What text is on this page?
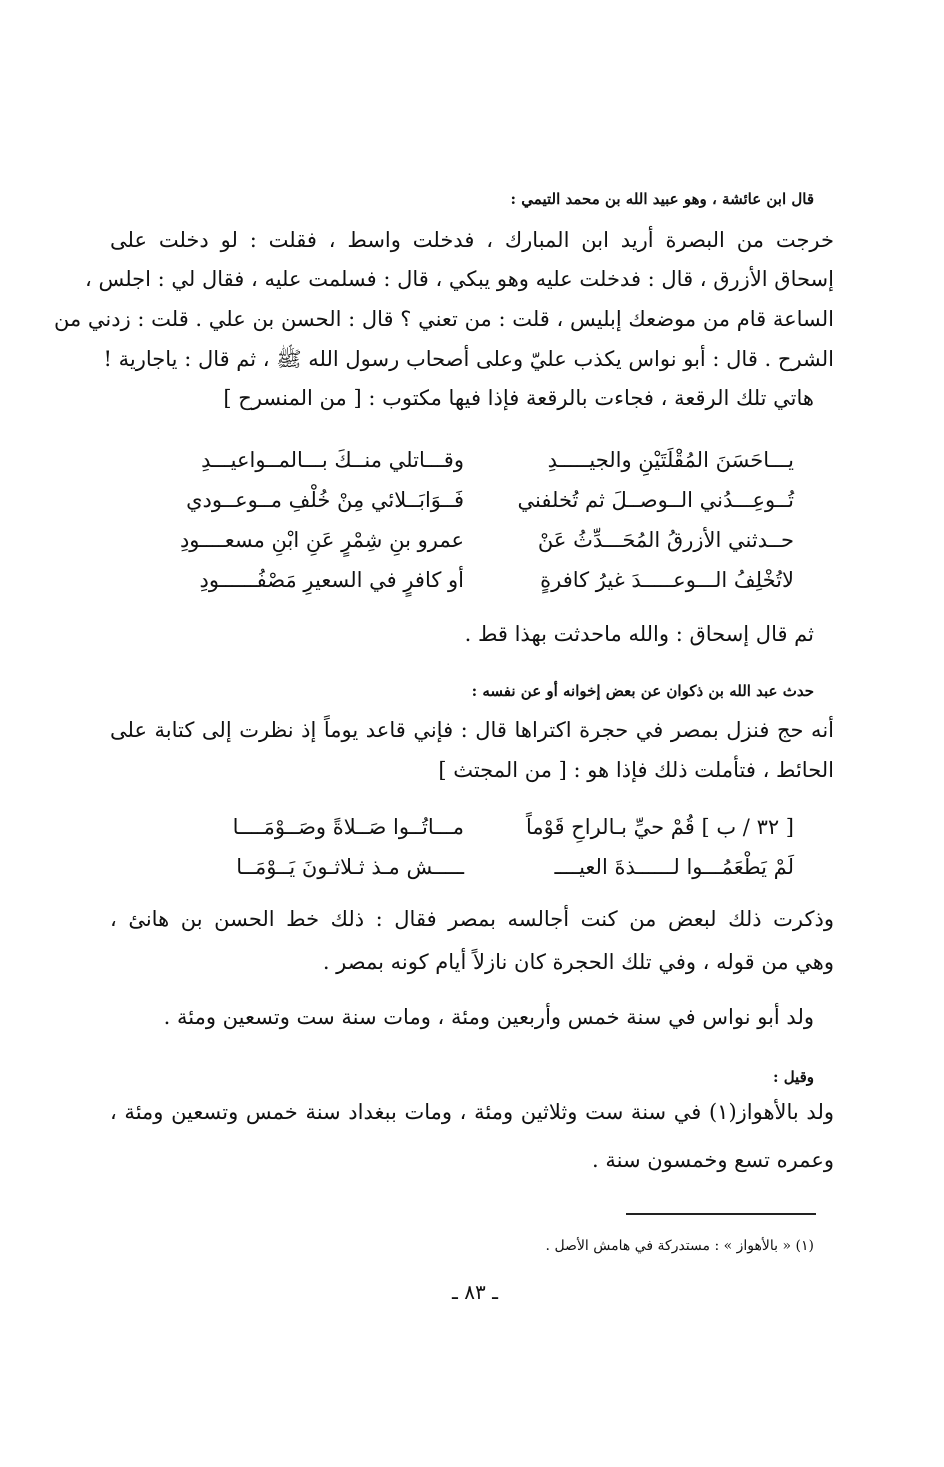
قال ابن عائشة ، وهو عبيد الله بن محمد التيمي :
خرجت من البصرة أريد ابن المبارك ، فدخلت واسط ، فقلت : لو دخلت على
إسحاق الأزرق ، قال : فدخلت عليه وهو يبكي ، قال : فسلمت عليه ، فقال لي : اجلس ،
الساعة قام من موضعك إبليس ، قلت : من تعني ؟ قال : الحسن بن علي . قلت : زدني من
الشرح . قال : أبو نواس يكذب عليّ وعلى أصحاب رسول الله ﷺ ، ثم قال : ياجارية !
هاتي تلك الرقعة ، فجاءت بالرقعة فإذا فيها مكتوب : [ من المنسرح ]
يـــاحَسَنَ المُقْلَتَيْنِ والجيـــــدِ
وقـــاتلي منــكَ بـــالمــواعيـــدِ
تُــوعِـــدُني الــوصــلَ ثم تُخلفني
فَــوَابَــلائي مِنْ خُلْفِ مــوعــودي
حــدثني الأزرقُ المُحَـــدِّثُ عَنْ
عمرو بنِ شِمْرٍ عَنِ ابْنِ مسعــــودِ
لاتُخْلِفُ الـــوعـــــدَ غيرُ كافرةٍ
أو كافرٍ في السعيرِ مَصْفُــــــودِ
ثم قال إسحاق : والله ماحدثت بهذا قط .
حدث عبد الله بن ذكوان عن بعض إخوانه أو عن نفسه :
أنه حج فنزل بمصر في حجرة اكتراها قال : فإني قاعد يوماً إذ نظرت إلى كتابة على
الحائط ، فتأملت ذلك فإذا هو : [ من المجتث ]
[ ٣٢ / ب ] قُمْ حيِّ بـالراحِ قَوْماً
مـــاتُــوا صَــلاةً وصَــوْمَــــا
لَمْ يَطْعَمُـــوا لــــــذةَ العيــــ
ـــــش مـذ ثـلاثـونَ يَــوْمَــا
وذكرت ذلك لبعض من كنت أجالسه بمصر فقال : ذلك خط الحسن بن هانئ ،
وهي من قوله ، وفي تلك الحجرة كان نازلاً أيام كونه بمصر .
ولد أبو نواس في سنة خمس وأربعين ومئة ، ومات سنة ست وتسعين ومئة .
وقيل :
ولد بالأهواز(١) في سنة ست وثلاثين ومئة ، ومات ببغداد سنة خمس وتسعين ومئة ،
وعمره تسع وخمسون سنة .
(١) « بالأهواز » : مستدركة في هامش الأصل .
ـ ٨٣ ـ
